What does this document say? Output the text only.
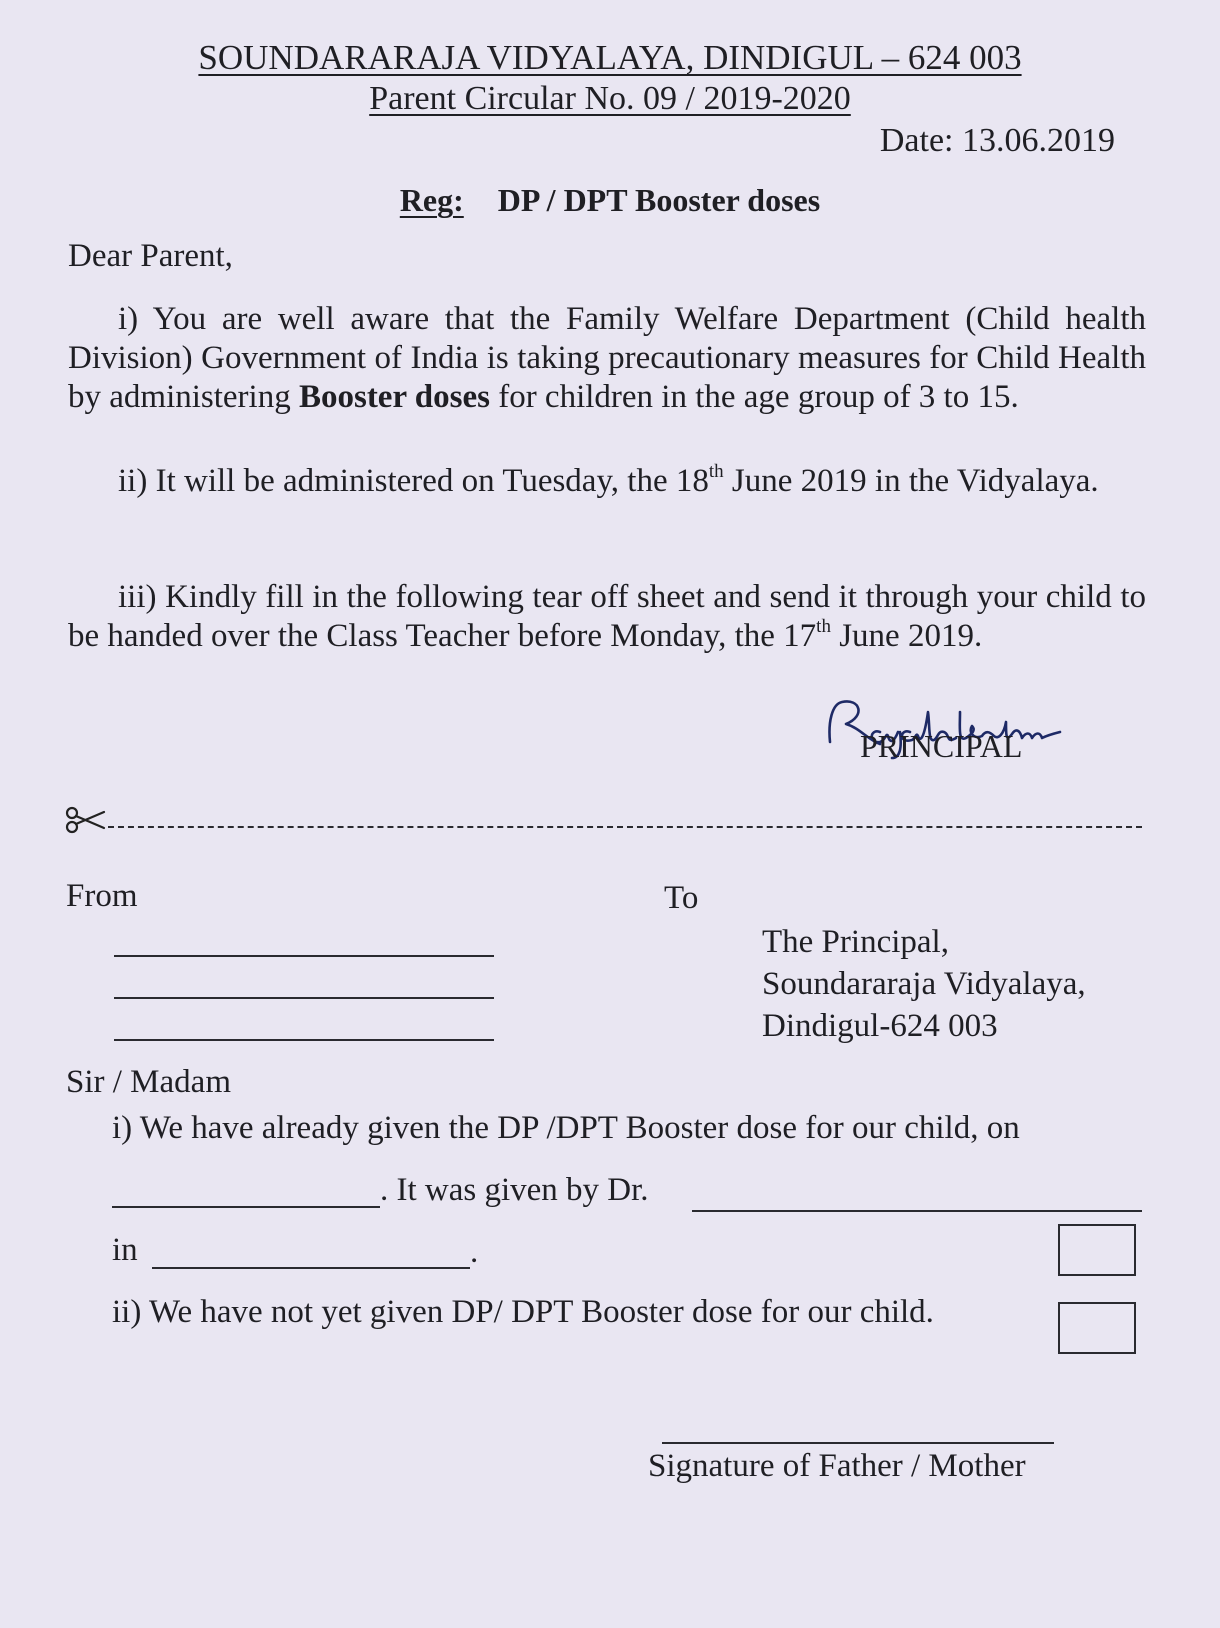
SOUNDARARAJA VIDYALAYA, DINDIGUL – 624 003
Parent Circular No. 09 / 2019-2020
Date: 13.06.2019
Reg: DP / DPT Booster doses
Dear Parent,
i) You are well aware that the Family Welfare Department (Child health Division) Government of India is taking precautionary measures for Child Health by administering Booster doses for children in the age group of 3 to 15.
ii) It will be administered on Tuesday, the 18th June 2019 in the Vidyalaya.
iii) Kindly fill in the following tear off sheet and send it through your child to be handed over the Class Teacher before Monday, the 17th June 2019.
PRINCIPAL
From	To
The Principal,
Soundararaja Vidyalaya,
Dindigul-624 003
Sir / Madam
i) We have already given the DP /DPT Booster dose for our child, on
. It was given by Dr.
in	.
ii) We have not yet given DP/ DPT Booster dose for our child.
Signature of Father / Mother
